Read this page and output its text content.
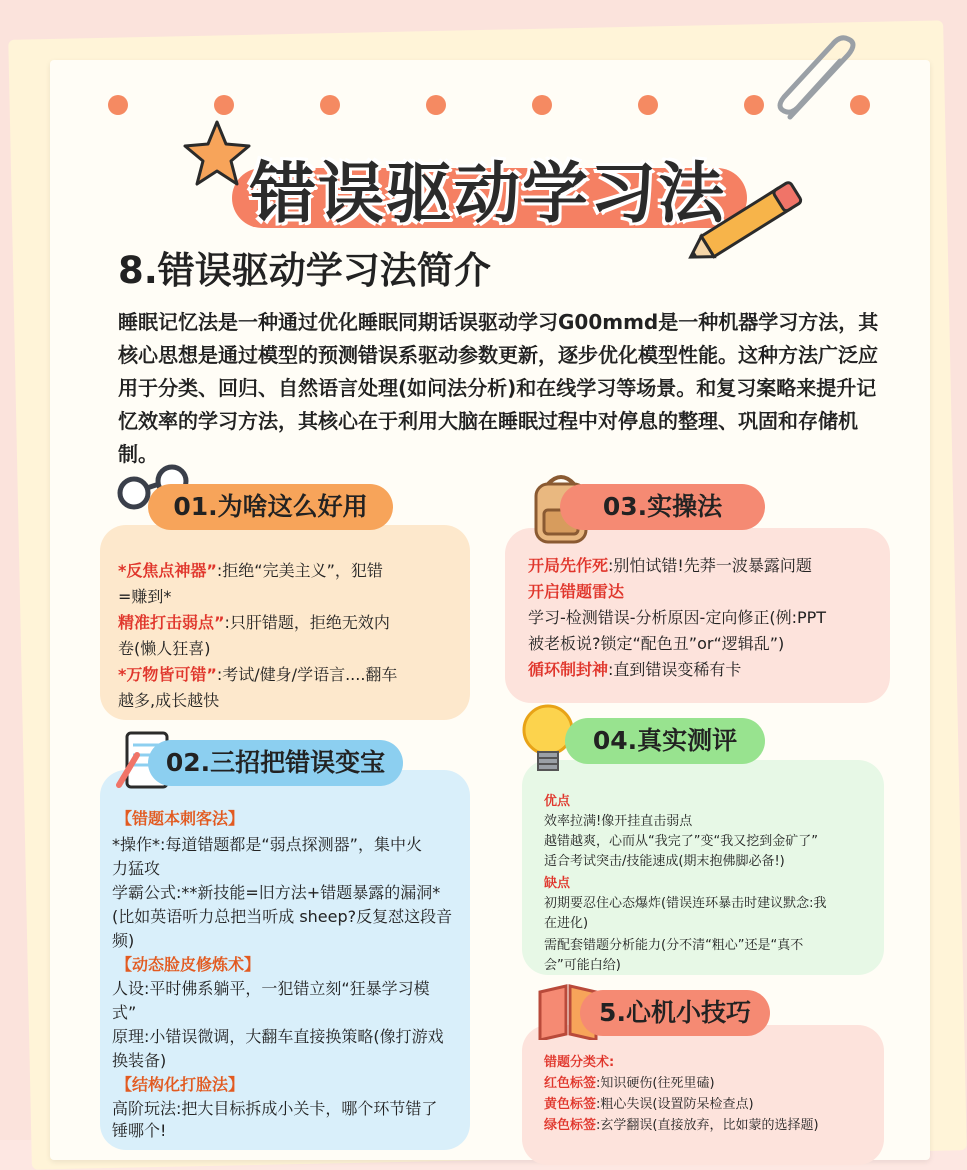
错误驱动学习法
8.错误驱动学习法简介
睡眠记忆法是一种通过优化睡眠同期话误驱动学习G00mmd是一种机器学习方法，其核心思想是通过模型的预测错误系驱动参数更新，逐步优化模型性能。这种方法广泛应用于分类、回归、自然语言处理(如问法分析)和在线学习等场景。和复习案略来提升记忆效率的学习方法，其核心在于利用大脑在睡眠过程中对停息的整理、巩固和存储机制。
01.为啥这么好用
*反焦点神器”:拒绝“完美主义”，犯错
=赚到*
精准打击弱点”:只肝错题，拒绝无效内
卷(懒人狂喜)
*万物皆可错”:考试/健身/学语言....翻车
越多,成长越快
02.三招把错误变宝
【错题本刺客法】
*操作*:每道错题都是“弱点探测器”，集中火
力猛攻
学霸公式:**新技能=旧方法+错题暴露的漏洞*
(比如英语听力总把当听成 sheep?反复怼这段音
频)
【动态脸皮修炼术】
人设:平时佛系躺平，一犯错立刻“狂暴学习模
式”
原理:小错误微调，大翻车直接换策略(像打游戏
换装备)
【结构化打脸法】
高阶玩法:把大目标拆成小关卡，哪个环节错了
锤哪个!
03.实操法
开局先作死:别怕试错!先莽一波暴露问题
开启错题雷达
学习-检测错误-分析原因-定向修正(例:PPT
被老板说?锁定“配色丑”or“逻辑乱”)
循环制封神:直到错误变稀有卡
04.真实测评
优点
效率拉满!像开挂直击弱点
越错越爽，心而从“我完了”变“我又挖到金矿了”
适合考试突击/技能速成(期末抱佛脚必备!)
缺点
初期要忍住心态爆炸(错误连环暴击时建议默念:我
在进化)
需配套错题分析能力(分不清“粗心”还是“真不
会”可能白给)
5.心机小技巧
错题分类术:
红色标签:知识硬伤(往死里磕)
黄色标签:粗心失误(设置防呆检查点)
绿色标签:玄学翻误(直接放弃，比如蒙的选择题)
